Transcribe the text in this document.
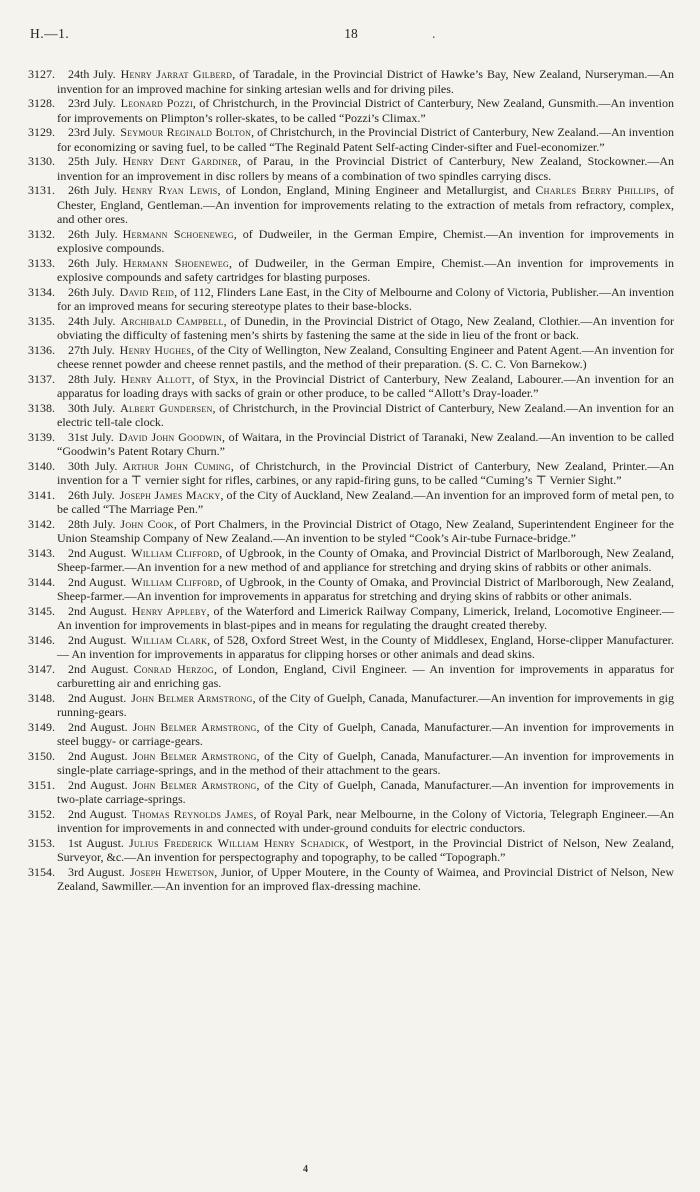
H.—1.	18	.

3127. 24th July. Henry Jarrat Gilberd, of Taradale, in the Provincial District of Hawke’s Bay, New Zealand, Nurseryman.—An invention for an improved machine for sinking artesian wells and for driving piles.

3128. 23rd July. Leonard Pozzi, of Christchurch, in the Provincial District of Canterbury, New Zealand, Gunsmith.—An invention for improvements on Plimpton’s roller-skates, to be called “Pozzi’s Climax.”

3129. 23rd July. Seymour Reginald Bolton, of Christchurch, in the Provincial District of Canterbury, New Zealand.—An invention for economizing or saving fuel, to be called “The Reginald Patent Self-acting Cinder-sifter and Fuel-economizer.”

3130. 25th July. Henry Dent Gardiner, of Parau, in the Provincial District of Canterbury, New Zealand, Stockowner.—An invention for an improvement in disc rollers by means of a combination of two spindles carrying discs.

3131. 26th July. Henry Ryan Lewis, of London, England, Mining Engineer and Metallurgist, and Charles Berry Phillips, of Chester, England, Gentleman.—An invention for improvements relating to the extraction of metals from refractory, complex, and other ores.

3132. 26th July. Hermann Schoeneweg, of Dudweiler, in the German Empire, Chemist.—An invention for improvements in explosive compounds.

3133. 26th July. Hermann Shoeneweg, of Dudweiler, in the German Empire, Chemist.—An invention for improvements in explosive compounds and safety cartridges for blasting purposes.

3134. 26th July. David Reid, of 112, Flinders Lane East, in the City of Melbourne and Colony of Victoria, Publisher.—An invention for an improved means for securing stereotype plates to their base-blocks.

3135. 24th July. Archibald Campbell, of Dunedin, in the Provincial District of Otago, New Zealand, Clothier.—An invention for obviating the difficulty of fastening men’s shirts by fastening the same at the side in lieu of the front or back.

3136. 27th July. Henry Hughes, of the City of Wellington, New Zealand, Consulting Engineer and Patent Agent.—An invention for cheese rennet powder and cheese rennet pastils, and the method of their preparation. (S. C. C. Von Barnekow.)

3137. 28th July. Henry Allott, of Styx, in the Provincial District of Canterbury, New Zealand, Labourer.—An invention for an apparatus for loading drays with sacks of grain or other produce, to be called “Allott’s Dray-loader.”

3138. 30th July. Albert Gundersen, of Christchurch, in the Provincial District of Canterbury, New Zealand.—An invention for an electric tell-tale clock.

3139. 31st July. David John Goodwin, of Waitara, in the Provincial District of Taranaki, New Zealand.—An invention to be called “Goodwin’s Patent Rotary Churn.”

3140. 30th July. Arthur John Cuming, of Christchurch, in the Provincial District of Canterbury, New Zealand, Printer.—An invention for a ⊤ vernier sight for rifles, carbines, or any rapid-firing guns, to be called “Cuming’s ⊤ Vernier Sight.”

3141. 26th July. Joseph James Macky, of the City of Auckland, New Zealand.—An invention for an improved form of metal pen, to be called “The Marriage Pen.”

3142. 28th July. John Cook, of Port Chalmers, in the Provincial District of Otago, New Zealand, Superintendent Engineer for the Union Steamship Company of New Zealand.—An invention to be styled “Cook’s Air-tube Furnace-bridge.”

3143. 2nd August. William Clifford, of Ugbrook, in the County of Omaka, and Provincial District of Marlborough, New Zealand, Sheep-farmer.—An invention for a new method of and appliance for stretching and drying skins of rabbits or other animals.

3144. 2nd August. William Clifford, of Ugbrook, in the County of Omaka, and Provincial District of Marlborough, New Zealand, Sheep-farmer.—An invention for improvements in apparatus for stretching and drying skins of rabbits or other animals.

3145. 2nd August. Henry Appleby, of the Waterford and Limerick Railway Company, Limerick, Ireland, Locomotive Engineer.—An invention for improvements in blast-pipes and in means for regulating the draught created thereby.

3146. 2nd August. William Clark, of 528, Oxford Street West, in the County of Middlesex, England, Horse-clipper Manufacturer. — An invention for improvements in apparatus for clipping horses or other animals and dead skins.

3147. 2nd August. Conrad Herzog, of London, England, Civil Engineer. — An invention for improvements in apparatus for carburetting air and enriching gas.

3148. 2nd August. John Belmer Armstrong, of the City of Guelph, Canada, Manufacturer.—An invention for improvements in gig running-gears.

3149. 2nd August. John Belmer Armstrong, of the City of Guelph, Canada, Manufacturer.—An invention for improvements in steel buggy- or carriage-gears.

3150. 2nd August. John Belmer Armstrong, of the City of Guelph, Canada, Manufacturer.—An invention for improvements in single-plate carriage-springs, and in the method of their attachment to the gears.

3151. 2nd August. John Belmer Armstrong, of the City of Guelph, Canada, Manufacturer.—An invention for improvements in two-plate carriage-springs.

3152. 2nd August. Thomas Reynolds James, of Royal Park, near Melbourne, in the Colony of Victoria, Telegraph Engineer.—An invention for improvements in and connected with under-ground conduits for electric conductors.

3153. 1st August. Julius Frederick William Henry Schadick, of Westport, in the Provincial District of Nelson, New Zealand, Surveyor, &c.—An invention for perspectography and topography, to be called “Topograph.”

3154. 3rd August. Joseph Hewetson, Junior, of Upper Moutere, in the County of Waimea, and Provincial District of Nelson, New Zealand, Sawmiller.—An invention for an improved flax-dressing machine.

4
